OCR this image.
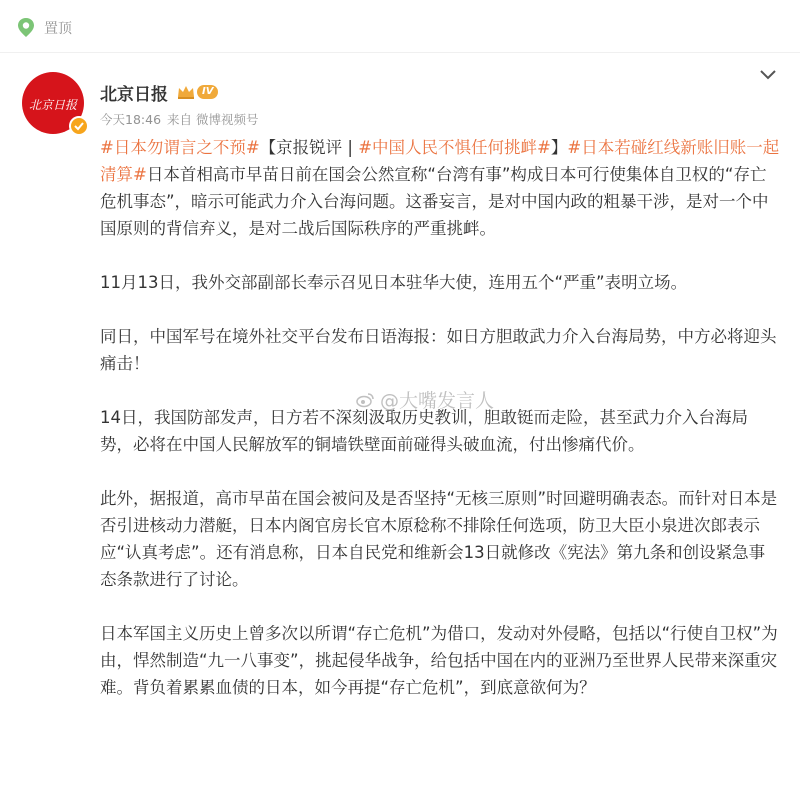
置顶
北京日报
北京日报	IV
今天18:46 来自 微博视频号

#日本勿谓言之不预#【京报锐评 | #中国人民不惧任何挑衅#】#日本若碰红线新账旧账一起清算#日本首相高市早苗日前在国会公然宣称“台湾有事”构成日本可行使集体自卫权的“存亡危机事态”，暗示可能武力介入台海问题。这番妄言，是对中国内政的粗暴干涉，是对一个中国原则的背信弃义，是对二战后国际秩序的严重挑衅。

11月13日，我外交部副部长奉示召见日本驻华大使，连用五个“严重”表明立场。

同日，中国军号在境外社交平台发布日语海报：如日方胆敢武力介入台海局势，中方必将迎头痛击！

14日，我国防部发声，日方若不深刻汲取历史教训，胆敢铤而走险，甚至武力介入台海局势，必将在中国人民解放军的铜墙铁壁面前碰得头破血流，付出惨痛代价。

此外，据报道，高市早苗在国会被问及是否坚持“无核三原则”时回避明确表态。而针对日本是否引进核动力潜艇，日本内阁官房长官木原稔称不排除任何选项，防卫大臣小泉进次郎表示应“认真考虑”。还有消息称，日本自民党和维新会13日就修改《宪法》第九条和创设紧急事态条款进行了讨论。

日本军国主义历史上曾多次以所谓“存亡危机”为借口，发动对外侵略，包括以“行使自卫权”为由，悍然制造“九一八事变”，挑起侵华战争，给包括中国在内的亚洲乃至世界人民带来深重灾难。背负着累累血债的日本，如今再提“存亡危机”，到底意欲何为？

@大嘴发言人
